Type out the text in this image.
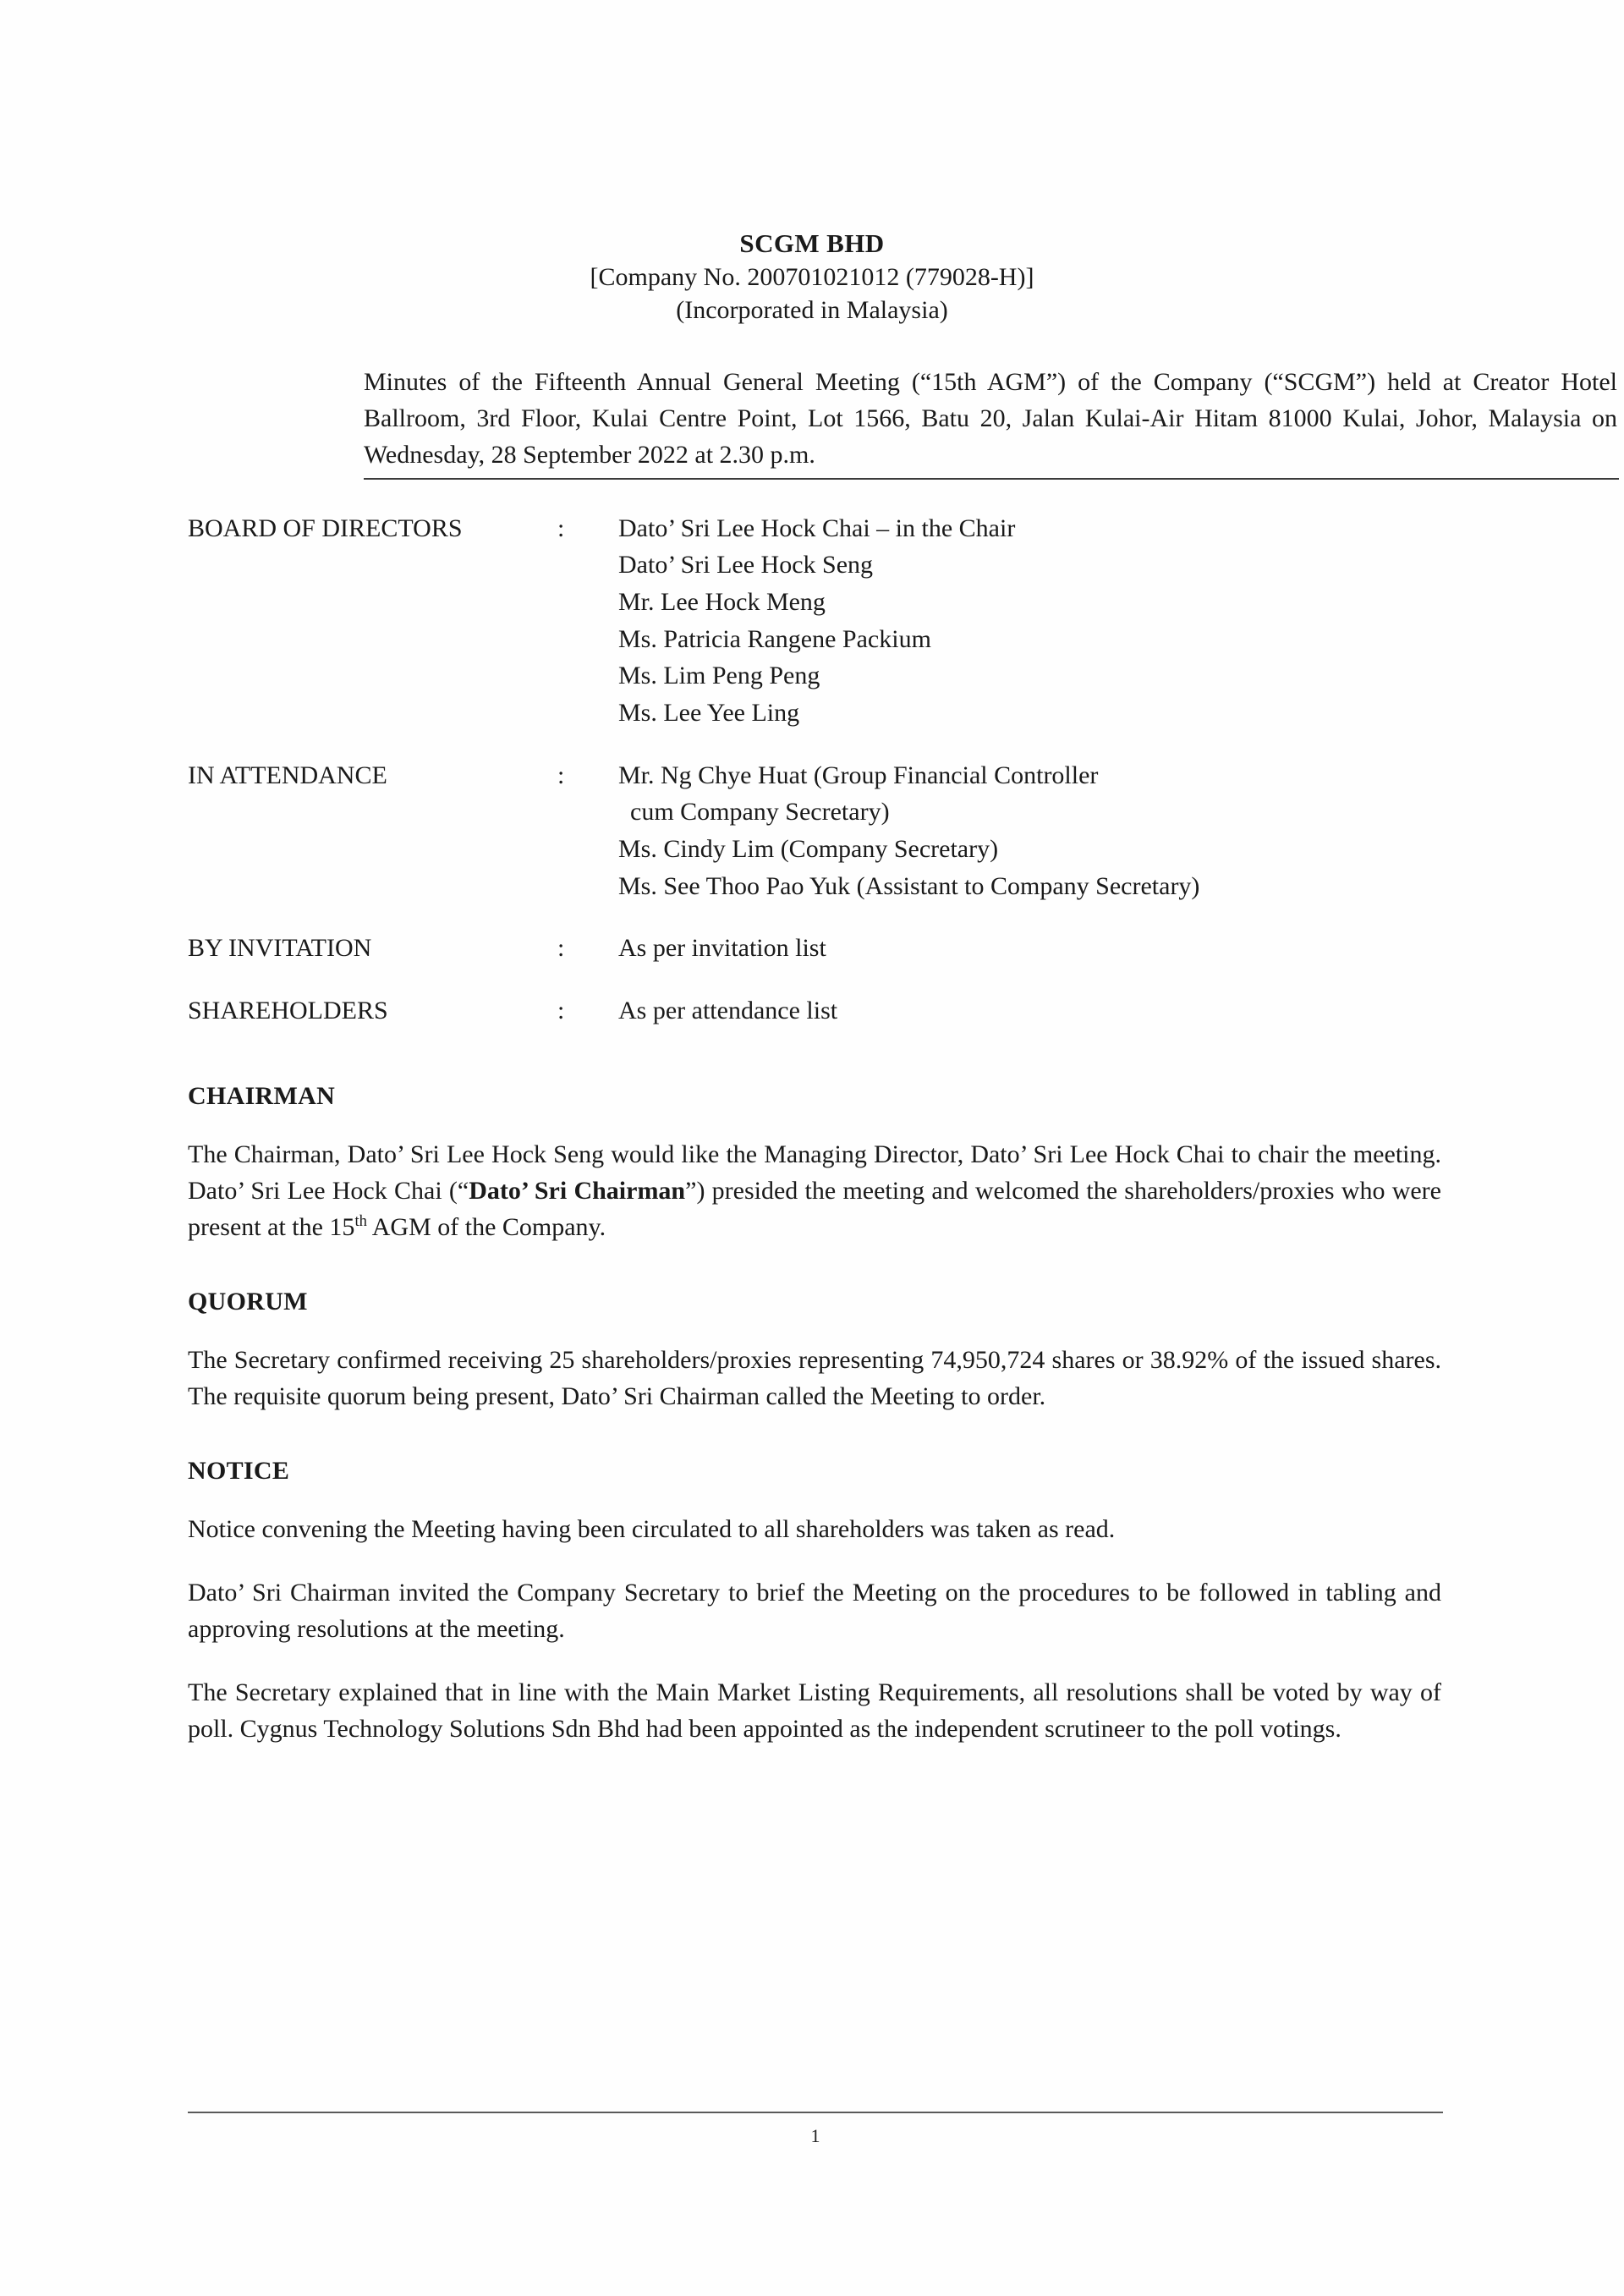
SCGM BHD
[Company No. 200701021012 (779028-H)]
(Incorporated in Malaysia)

Minutes of the Fifteenth Annual General Meeting (“15th AGM”) of the Company (“SCGM”) held at Creator Hotel Ballroom, 3rd Floor, Kulai Centre Point, Lot 1566, Batu 20, Jalan Kulai-Air Hitam 81000 Kulai, Johor, Malaysia on Wednesday, 28 September 2022 at 2.30 p.m.

BOARD OF DIRECTORS	:	Dato’ Sri Lee Hock Chai – in the Chair
Dato’ Sri Lee Hock Seng
Mr. Lee Hock Meng
Ms. Patricia Rangene Packium
Ms. Lim Peng Peng
Ms. Lee Yee Ling
IN ATTENDANCE	:	Mr. Ng Chye Huat (Group Financial Controller
cum Company Secretary)
Ms. Cindy Lim (Company Secretary)
Ms. See Thoo Pao Yuk (Assistant to Company Secretary)
BY INVITATION	:	As per invitation list
SHAREHOLDERS	:	As per attendance list
CHAIRMAN

The Chairman, Dato’ Sri Lee Hock Seng would like the Managing Director, Dato’ Sri Lee Hock Chai to chair the meeting. Dato’ Sri Lee Hock Chai (“Dato’ Sri Chairman”) presided the meeting and welcomed the shareholders/proxies who were present at the 15th AGM of the Company.

QUORUM

The Secretary confirmed receiving 25 shareholders/proxies representing 74,950,724 shares or 38.92% of the issued shares. The requisite quorum being present, Dato’ Sri Chairman called the Meeting to order.

NOTICE

Notice convening the Meeting having been circulated to all shareholders was taken as read.

Dato’ Sri Chairman invited the Company Secretary to brief the Meeting on the procedures to be followed in tabling and approving resolutions at the meeting.

The Secretary explained that in line with the Main Market Listing Requirements, all resolutions shall be voted by way of poll. Cygnus Technology Solutions Sdn Bhd had been appointed as the independent scrutineer to the poll votings.

1
